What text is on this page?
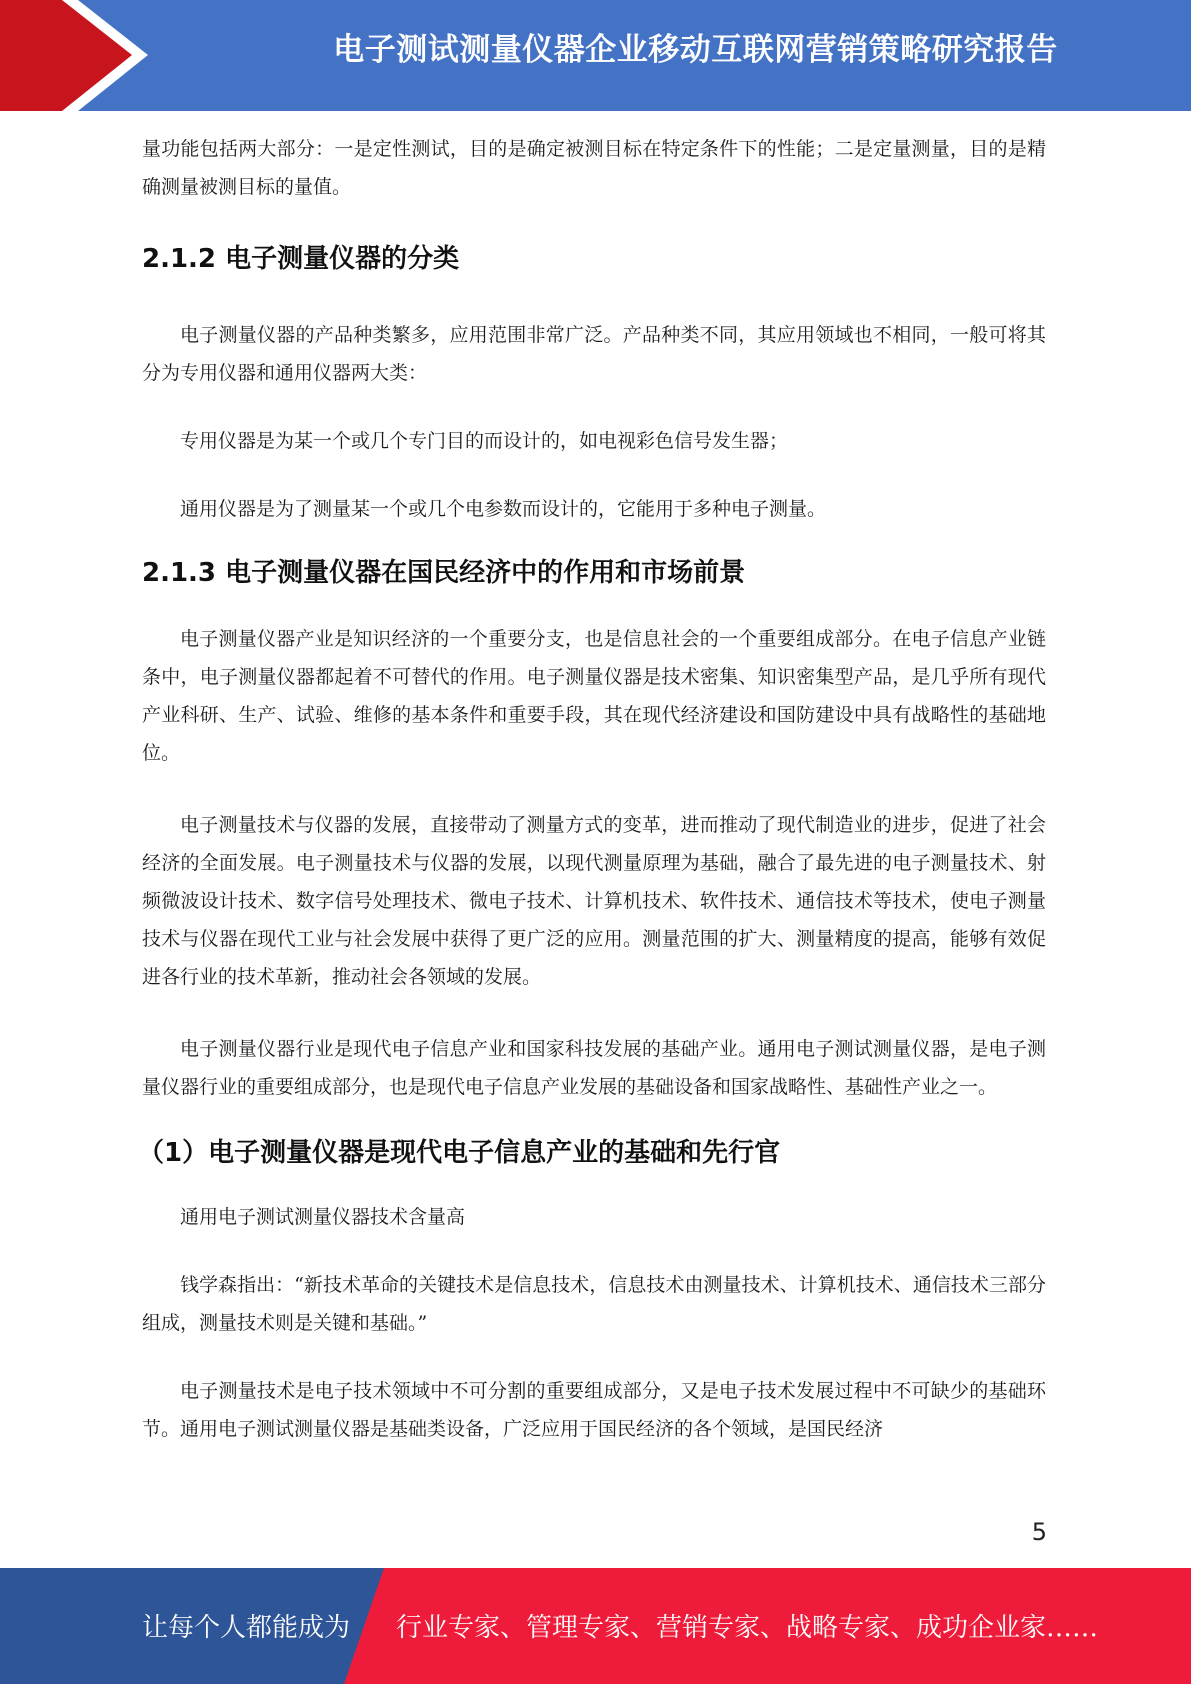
电子测试测量仪器企业移动互联网营销策略研究报告

量功能包括两大部分：一是定性测试，目的是确定被测目标在特定条件下的性能；二是定量测量，目的是精确测量被测目标的量值。

2.1.2 电子测量仪器的分类

电子测量仪器的产品种类繁多，应用范围非常广泛。产品种类不同，其应用领域也不相同，一般可将其分为专用仪器和通用仪器两大类：

专用仪器是为某一个或几个专门目的而设计的，如电视彩色信号发生器；

通用仪器是为了测量某一个或几个电参数而设计的，它能用于多种电子测量。

2.1.3 电子测量仪器在国民经济中的作用和市场前景

电子测量仪器产业是知识经济的一个重要分支，也是信息社会的一个重要组成部分。在电子信息产业链条中，电子测量仪器都起着不可替代的作用。电子测量仪器是技术密集、知识密集型产品，是几乎所有现代产业科研、生产、试验、维修的基本条件和重要手段，其在现代经济建设和国防建设中具有战略性的基础地位。

电子测量技术与仪器的发展，直接带动了测量方式的变革，进而推动了现代制造业的进步，促进了社会经济的全面发展。电子测量技术与仪器的发展，以现代测量原理为基础，融合了最先进的电子测量技术、射频微波设计技术、数字信号处理技术、微电子技术、计算机技术、软件技术、通信技术等技术，使电子测量技术与仪器在现代工业与社会发展中获得了更广泛的应用。测量范围的扩大、测量精度的提高，能够有效促进各行业的技术革新，推动社会各领域的发展。

电子测量仪器行业是现代电子信息产业和国家科技发展的基础产业。通用电子测试测量仪器，是电子测量仪器行业的重要组成部分，也是现代电子信息产业发展的基础设备和国家战略性、基础性产业之一。

（1）电子测量仪器是现代电子信息产业的基础和先行官

通用电子测试测量仪器技术含量高

钱学森指出：“新技术革命的关键技术是信息技术，信息技术由测量技术、计算机技术、通信技术三部分组成，测量技术则是关键和基础。”

电子测量技术是电子技术领域中不可分割的重要组成部分，又是电子技术发展过程中不可缺少的基础环节。通用电子测试测量仪器是基础类设备，广泛应用于国民经济的各个领域，是国民经济

5
让每个人都能成为 行业专家、管理专家、营销专家、战略专家、成功企业家……
